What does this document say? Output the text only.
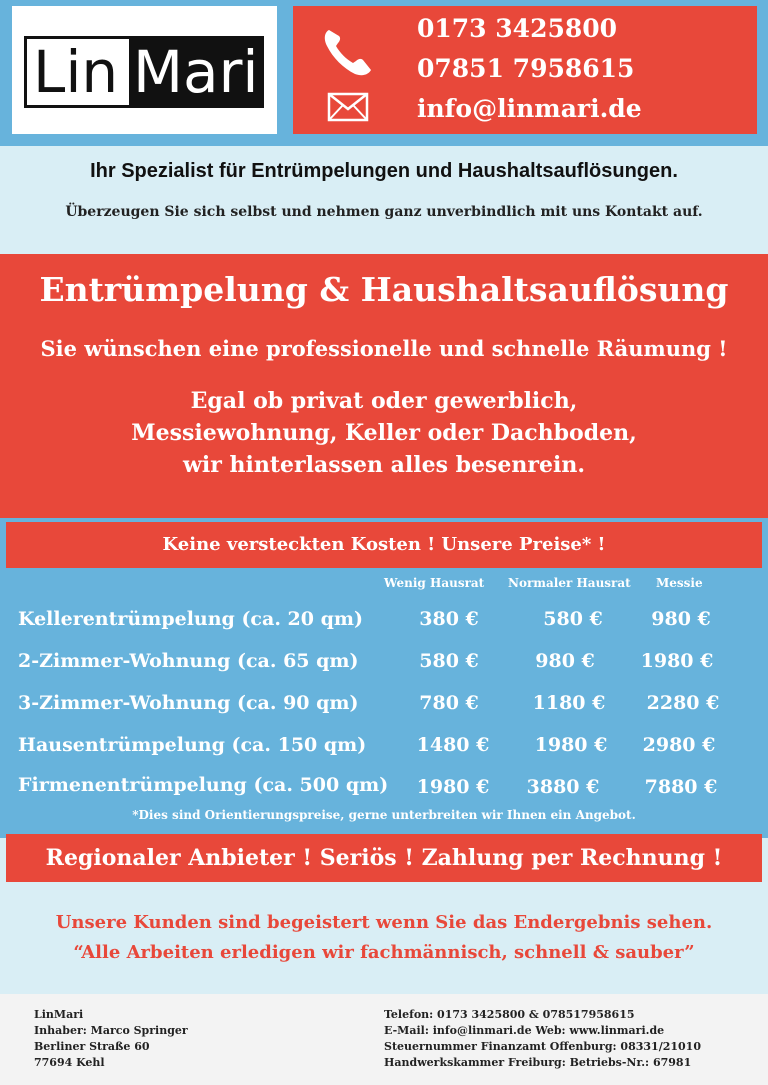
Lin Mari
0173 3425800
07851 7958615
info@linmari.de
Ihr Spezialist für Entrümpelungen und Haushaltsauflösungen.
Überzeugen Sie sich selbst und nehmen ganz unverbindlich mit uns Kontakt auf.
Entrümpelung & Haushaltsauflösung
Sie wünschen eine professionelle und schnelle Räumung !
Egal ob privat oder gewerblich,
Messiewohnung, Keller oder Dachboden,
wir hinterlassen alles besenrein.
Keine versteckten Kosten ! Unsere Preise* !
Wenig Hausrat Normaler Hausrat Messie
Kellerentrümpelung (ca. 20 qm)	380 €	580 €	980 €
2-Zimmer-Wohnung (ca. 65 qm)	580 €	980 €	1980 €
3-Zimmer-Wohnung (ca. 90 qm)	780 €	1180 €	2280 €
Hausentrümpelung (ca. 150 qm)	1480 €	1980 €	2980 €
Firmenentrümpelung (ca. 500 qm)	1980 €	3880 €	7880 €
*Dies sind Orientierungspreise, gerne unterbreiten wir Ihnen ein Angebot.
Regionaler Anbieter ! Seriös ! Zahlung per Rechnung !
Unsere Kunden sind begeistert wenn Sie das Endergebnis sehen.
“Alle Arbeiten erledigen wir fachmännisch, schnell & sauber”
LinMari
Inhaber: Marco Springer
Berliner Straße 60
77694 Kehl
Telefon: 0173 3425800 & 078517958615
E-Mail: info@linmari.de Web: www.linmari.de
Steuernummer Finanzamt Offenburg: 08331/21010
Handwerkskammer Freiburg: Betriebs-Nr.: 67981
